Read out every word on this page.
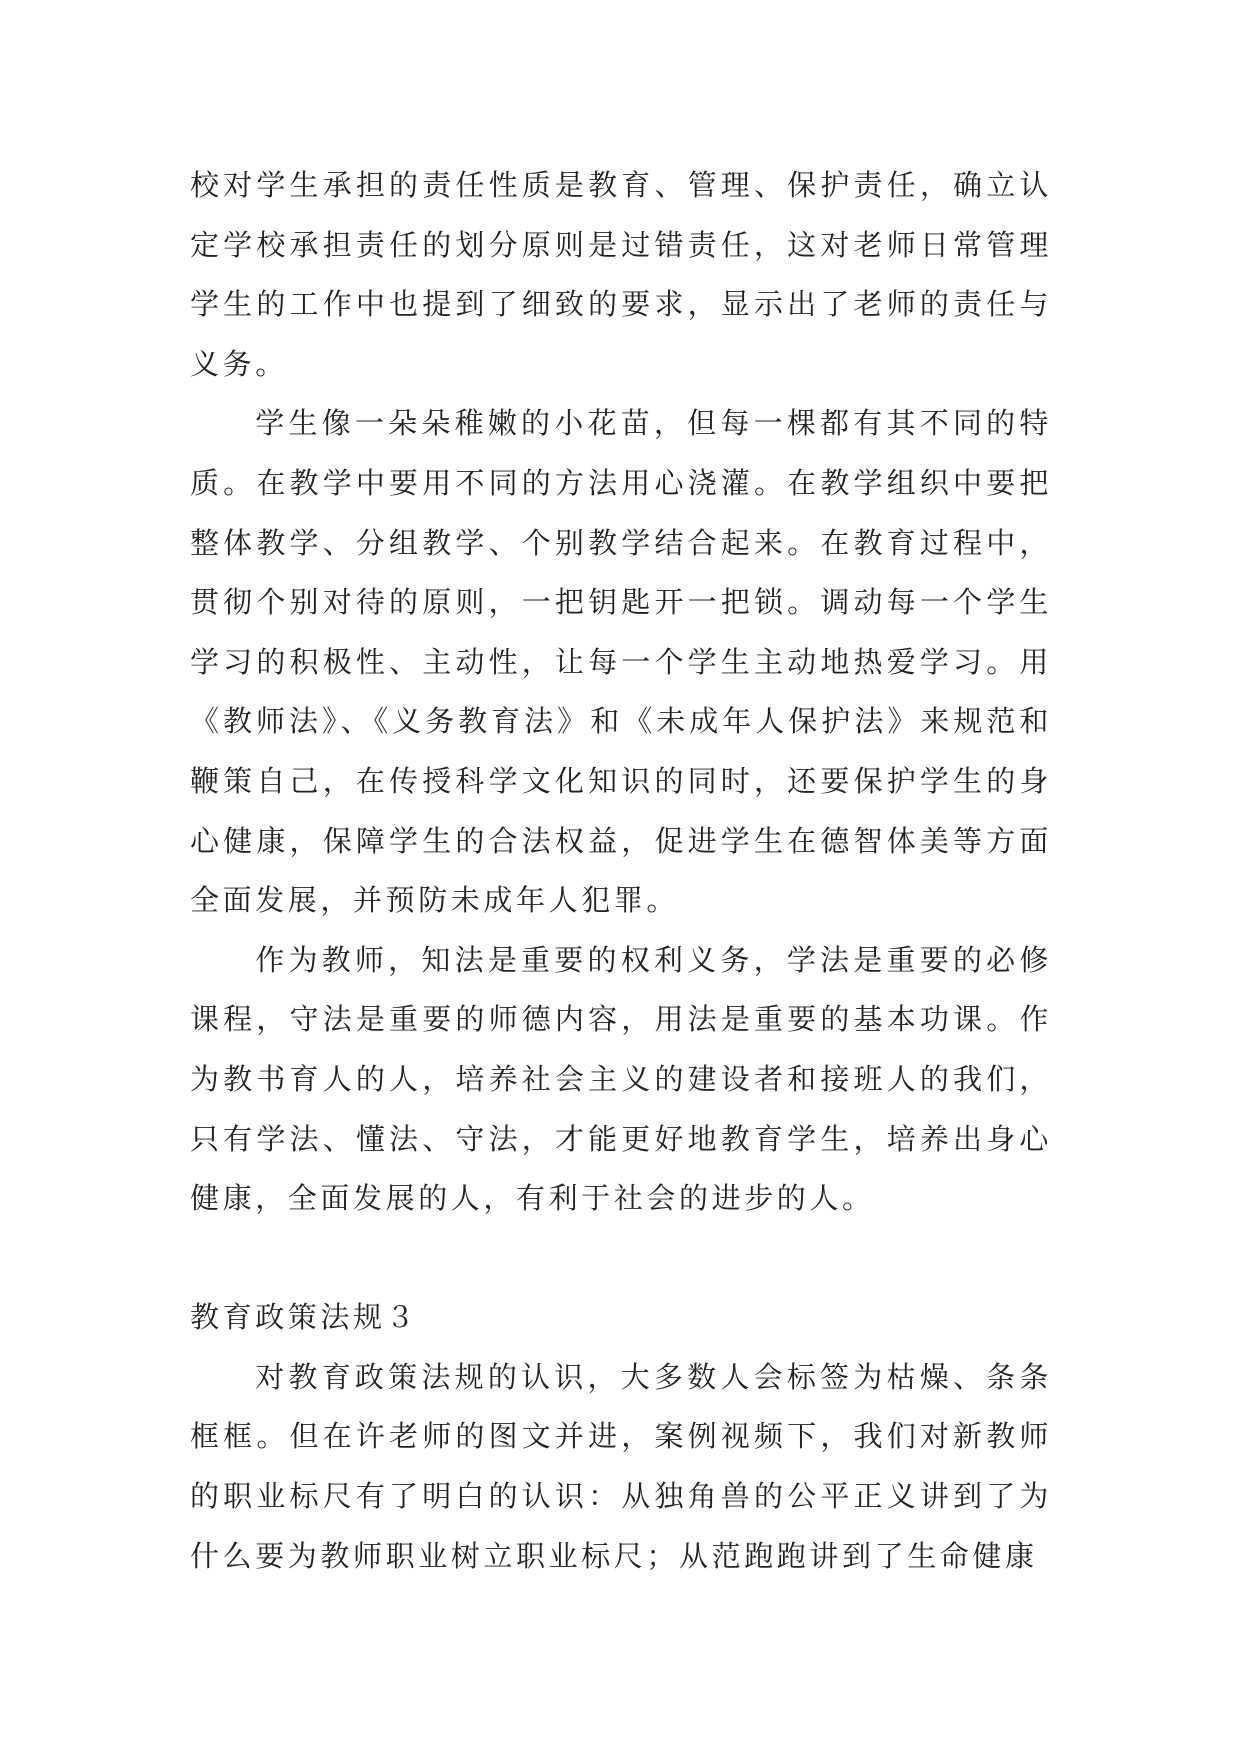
校对学生承担的责任性质是教育、管理、保护责任，确立认定学校承担责任的划分原则是过错责任，这对老师日常管理学生的工作中也提到了细致的要求，显示出了老师的责任与义务。

学生像一朵朵稚嫩的小花苗，但每一棵都有其不同的特质。在教学中要用不同的方法用心浇灌。在教学组织中要把整体教学、分组教学、个别教学结合起来。在教育过程中，贯彻个别对待的原则，一把钥匙开一把锁。调动每一个学生学习的积极性、主动性，让每一个学生主动地热爱学习。用《教师法》、《义务教育法》和《未成年人保护法》来规范和鞭策自己，在传授科学文化知识的同时，还要保护学生的身心健康，保障学生的合法权益，促进学生在德智体美等方面全面发展，并预防未成年人犯罪。

作为教师，知法是重要的权利义务，学法是重要的必修课程，守法是重要的师德内容，用法是重要的基本功课。作为教书育人的人，培养社会主义的建设者和接班人的我们，只有学法、懂法、守法，才能更好地教育学生，培养出身心健康，全面发展的人，有利于社会的进步的人。

教育政策法规３

对教育政策法规的认识，大多数人会标签为枯燥、条条框框。但在许老师的图文并进，案例视频下，我们对新教师的职业标尺有了明白的认识：从独角兽的公平正义讲到了为什么要为教师职业树立职业标尺；从范跑跑讲到了生命健康
